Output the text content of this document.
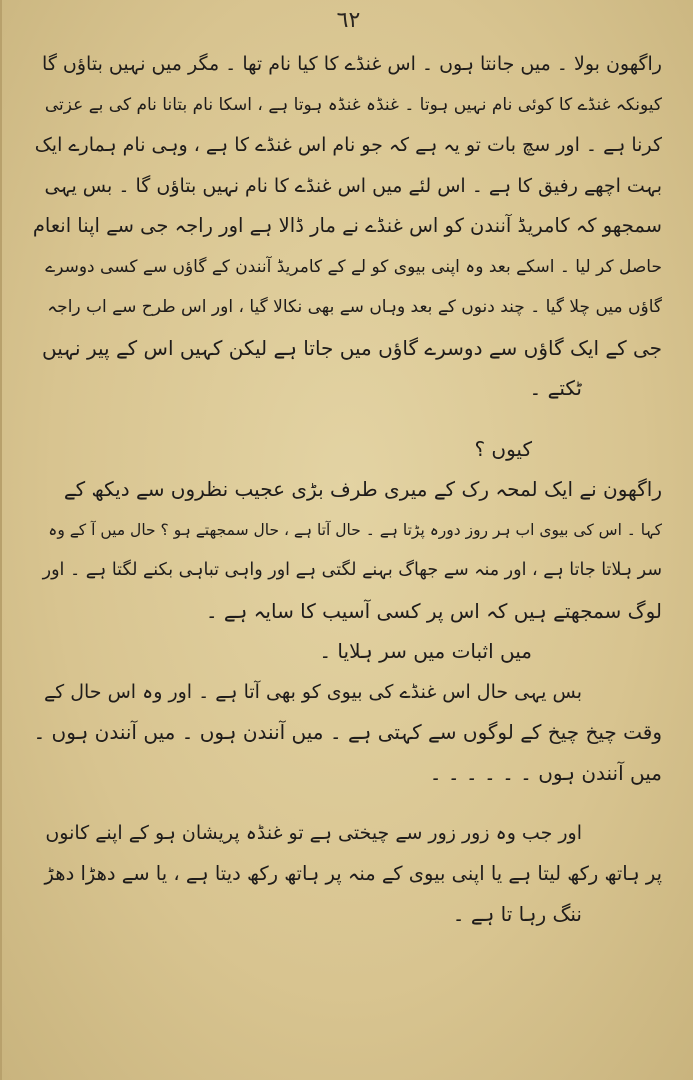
٦٢
راگھون بولا ۔ میں جانتا ہوں ۔ اس غنڈے کا کیا نام تھا ۔ مگر میں نہیں بتاؤں گا
کیونکہ غنڈے کا کوئی نام نہیں ہوتا ۔ غنڈہ غنڈہ ہوتا ہے ، اسکا نام بتانا نام کی بے عزتی
کرنا ہے ۔ اور سچ بات تو یہ ہے کہ جو نام اس غنڈے کا ہے ، وہی نام ہمارے ایک
بہت اچھے رفیق کا ہے ۔ اس لئے میں اس غنڈے کا نام نہیں بتاؤں گا ۔ بس یہی
سمجھو کہ کامریڈ آنندن کو اس غنڈے نے مار ڈالا ہے اور راجہ جی سے اپنا انعام
حاصل کر لیا ۔ اسکے بعد وہ اپنی بیوی کو لے کے کامریڈ آنندن کے گاؤں سے کسی دوسرے
گاؤں میں چلا گیا ۔ چند دنوں کے بعد وہاں سے بھی نکالا گیا ، اور اس طرح سے اب راجہ
جی کے ایک گاؤں سے دوسرے گاؤں میں جاتا ہے لیکن کہیں اس کے پیر نہیں
ٹکتے ۔
کیوں ؟
راگھون نے ایک لمحہ رک کے میری طرف بڑی عجیب نظروں سے دیکھ کے
کہا ۔ اس کی بیوی اب ہر روز دورہ پڑتا ہے ۔ حال آتا ہے ، حال سمجھتے ہو ؟ حال میں آ کے وہ
سر ہلاتا جاتا ہے ، اور منہ سے جھاگ بہنے لگتی ہے اور واہی تباہی بکنے لگتا ہے ۔ اور
لوگ سمجھتے ہیں کہ اس پر کسی آسیب کا سایہ ہے ۔
میں اثبات میں سر ہلایا ۔
بس یہی حال اس غنڈے کی بیوی کو بھی آتا ہے ۔ اور وہ اس حال کے
وقت چیخ چیخ کے لوگوں سے کہتی ہے ۔ میں آنندن ہوں ۔ میں آنندن ہوں ۔
میں آنندن ہوں ۔ ۔ ۔ ۔ ۔ ۔
اور جب وہ زور زور سے چیختی ہے تو غنڈہ پریشان ہو کے اپنے کانوں
پر ہاتھ رکھ لیتا ہے یا اپنی بیوی کے منہ پر ہاتھ رکھ دیتا ہے ، یا سے دھڑا دھڑ
ننگ رہا تا ہے ۔
